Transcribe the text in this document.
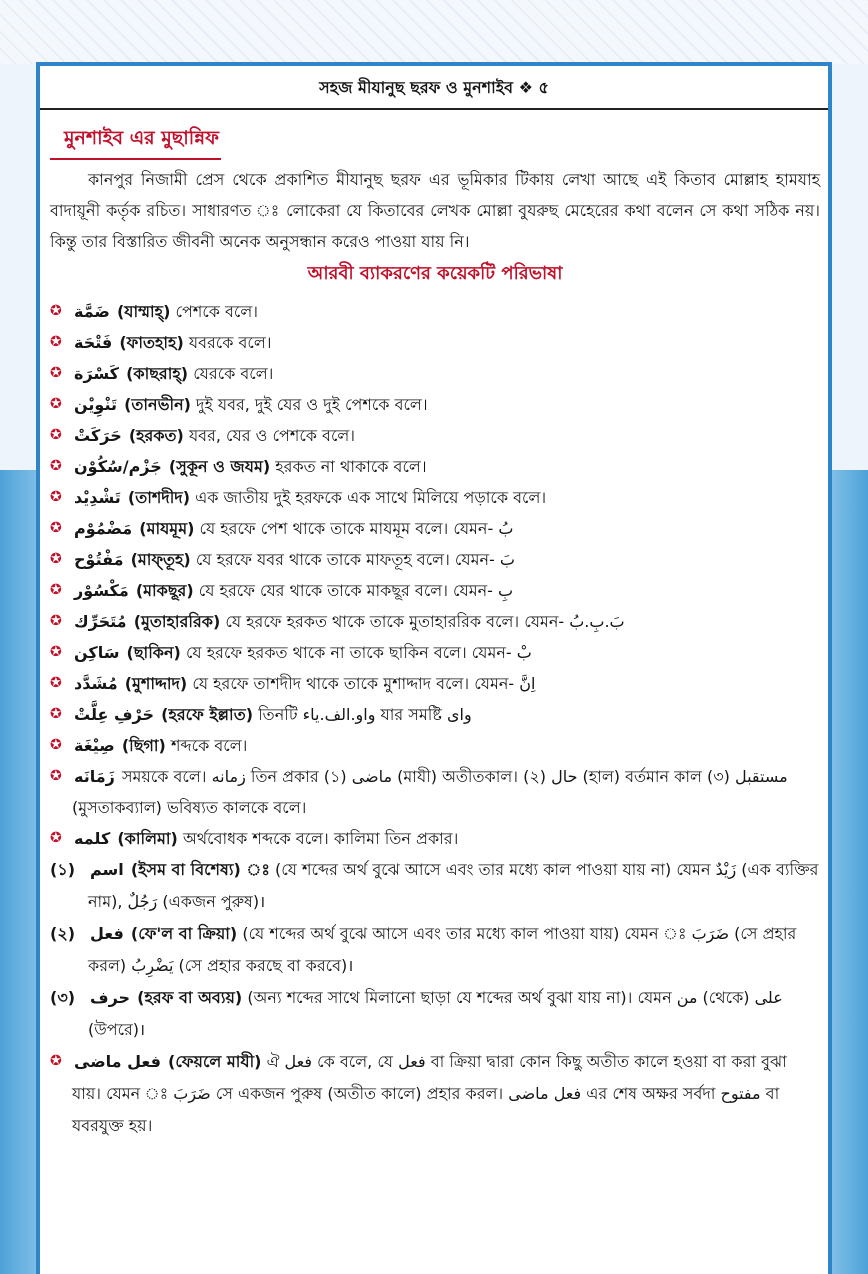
সহজ মীযানুছ ছরফ ও মুনশাইব ❖ ৫
মুনশাইব এর মুছান্নিফ
কানপুর নিজামী প্রেস থেকে প্রকাশিত মীযানুছ ছরফ এর ভূমিকার টিকায় লেখা আছে এই কিতাব মোল্লাহ হামযাহ বাদায়ূনী কর্তৃক রচিত। সাধারণত ঃ লোকেরা যে কিতাবের লেখক মোল্লা বুযরুছ মেহেরের কথা বলেন সে কথা সঠিক নয়। কিন্তু তার বিস্তারিত জীবনী অনেক অনুসন্ধান করেও পাওয়া যায় নি।
আরবী ব্যাকরণের কয়েকটি পরিভাষা
✪ ضَمَّة (যাম্মাহ্) পেশকে বলে।
✪ فَتْحَة (ফাতহাহ) যবরকে বলে।
✪ كَسْرَة (কাছরাহ্) যেরকে বলে।
✪ تَنْوِيْن (তানভীন) দুই যবর, দুই যের ও দুই পেশকে বলে।
✪ حَرَكَتْ (হরকত) যবর, যের ও পেশকে বলে।
✪ جَزْم/سُكُوْن (সুকূন ও জযম) হরকত না থাকাকে বলে।
✪ تَشْدِيْد (তাশদীদ) এক জাতীয় দুই হরফকে এক সাথে মিলিয়ে পড়াকে বলে।
✪ مَضْمُوْم (মাযমূম) যে হরফে পেশ থাকে তাকে মাযমূম বলে। যেমন- بُ
✪ مَفْتُوْح (মাফ্‌তূহ) যে হরফে যবর থাকে তাকে মাফতূহ বলে। যেমন- بَ
✪ مَكْسُوْر (মাকছূর) যে হরফে যের থাকে তাকে মাকছূর বলে। যেমন- بِ
✪ مُتَحَرِّك (মুতাহাররিক) যে হরফে হরকত থাকে তাকে মুতাহাররিক বলে। যেমন- بَ.بِ.بُ
✪ سَاكِن (ছাকিন) যে হরফে হরকত থাকে না তাকে ছাকিন বলে। যেমন- بْ
✪ مُشَدَّد (মুশাদ্দাদ) যে হরফে তাশদীদ থাকে তাকে মুশাদ্দাদ বলে। যেমন- اِنَّ
✪ حَرْفِ عِلَّتْ (হরফে ইল্লাত) তিনটি واو.الف.ياء যার সমষ্টি واى
✪ صِيْغَة (ছিগা) শব্দকে বলে।
✪ زَمَانَه সময়কে বলে। زمانه তিন প্রকার (১) ماضى (মাযী) অতীতকাল। (২) حال (হাল) বর্তমান কাল (৩) مستقبل (মুসতাকব্যাল) ভবিষ্যত কালকে বলে।
✪ كلمه (কালিমা) অর্থবোধক শব্দকে বলে। কালিমা তিন প্রকার।
(১) اسم (ইসম বা বিশেষ্য) ঃ (যে শব্দের অর্থ বুঝে আসে এবং তার মধ্যে কাল পাওয়া যায় না) যেমন زَيْدٌ (এক ব্যক্তির নাম), رَجُلٌ (একজন পুরুষ)।
(২) فعل (ফে'ল বা ক্রিয়া) (যে শব্দের অর্থ বুঝে আসে এবং তার মধ্যে কাল পাওয়া যায়) যেমন ঃ ضَرَبَ (সে প্রহার করল) يَضْرِبُ (সে প্রহার করছে বা করবে)।
(৩) حرف (হরফ বা অব্যয়) (অন্য শব্দের সাথে মিলানো ছাড়া যে শব্দের অর্থ বুঝা যায় না)। যেমন من (থেকে) على (উপরে)।
✪ فعل ماضى (ফেয়লে মাযী) ঐ فعل কে বলে, যে فعل বা ক্রিয়া দ্বারা কোন কিছু অতীত কালে হওয়া বা করা বুঝা যায়। যেমন ঃ ضَرَبَ সে একজন পুরুষ (অতীত কালে) প্রহার করল। فعل ماضى এর শেষ অক্ষর সর্বদা مفتوح বা যবরযুক্ত হয়।
